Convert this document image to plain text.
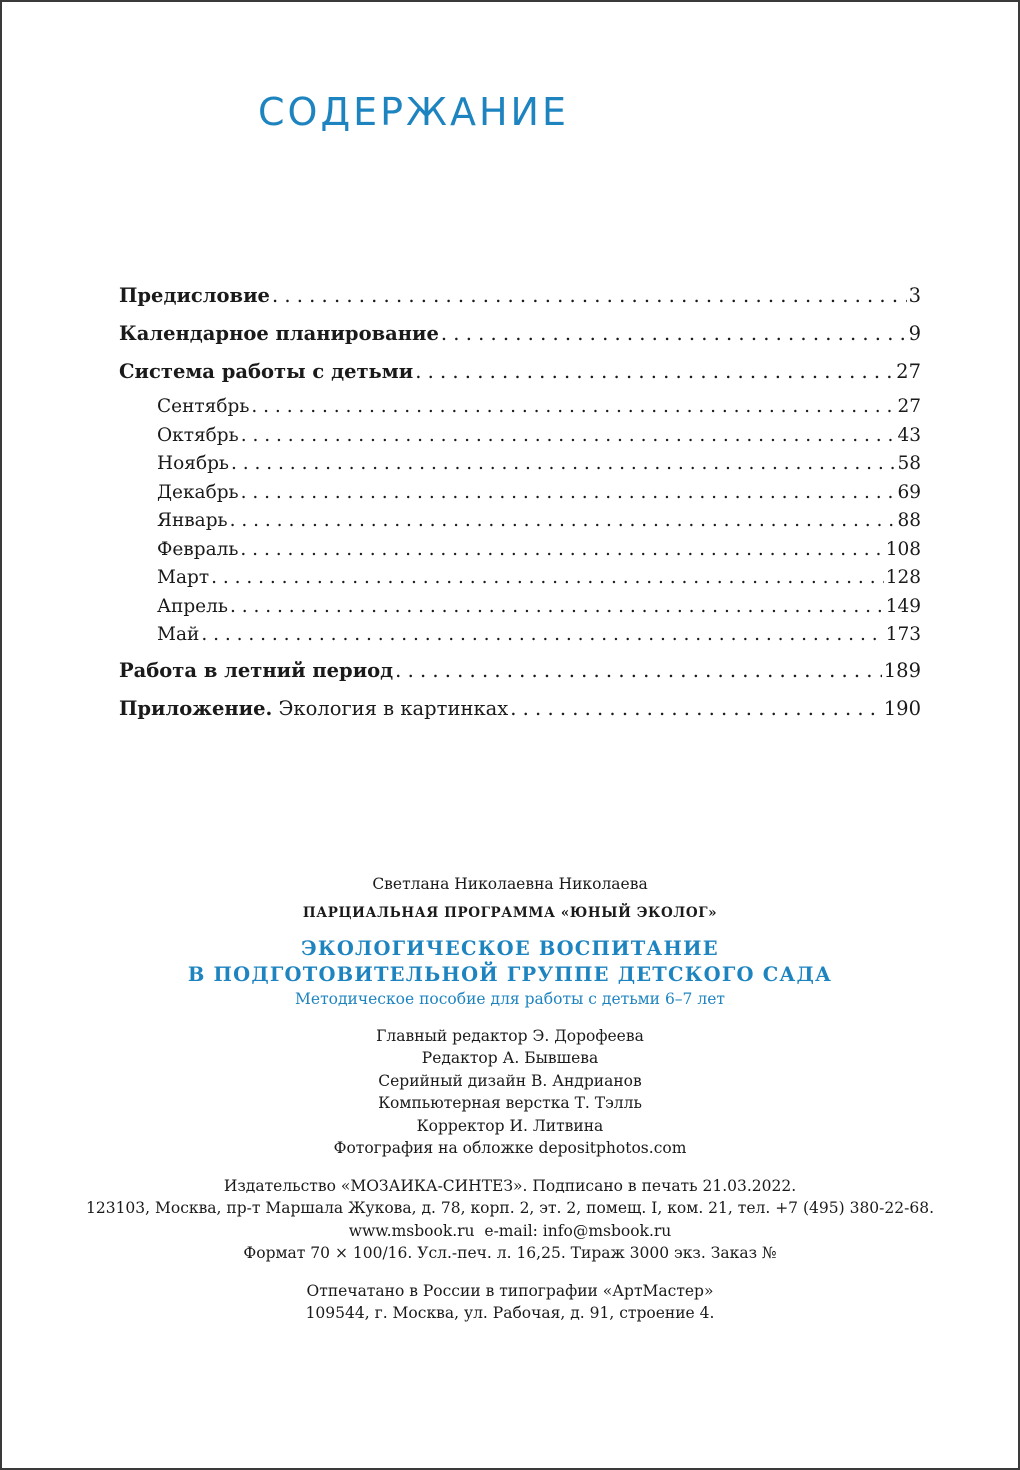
СОДЕРЖАНИЕ
Предисловие . . .	3
Календарное планирование . . .	9
Система работы с детьми . . .	27
Сентябрь . . .	27
Октябрь . . .	43
Ноябрь . . .	58
Декабрь . . .	69
Январь . . .	88
Февраль . . .	108
Март . . .	128
Апрель . . .	149
Май . . .	173
Работа в летний период . . .	189
Приложение. Экология в картинках . . .	190

Светлана Николаевна Николаева

ПАРЦИАЛЬНАЯ ПРОГРАММА «ЮНЫЙ ЭКОЛОГ»

ЭКОЛОГИЧЕСКОЕ ВОСПИТАНИЕ

В ПОДГОТОВИТЕЛЬНОЙ ГРУППЕ ДЕТСКОГО САДА

Методическое пособие для работы с детьми 6–7 лет

Главный редактор Э. Дорофеева

Редактор А. Бывшева

Серийный дизайн В. Андрианов

Компьютерная верстка Т. Тэлль

Корректор И. Литвина

Фотография на обложке depositphotos.com

Издательство «МОЗАИКА-СИНТЕЗ». Подписано в печать 21.03.2022.

123103, Москва, пр-т Маршала Жукова, д. 78, корп. 2, эт. 2, помещ. I, ком. 21, тел. +7 (495) 380-22-68.

www.msbook.ru  e-mail: info@msbook.ru

Формат 70 × 100/16. Усл.-печ. л. 16,25. Тираж 3000 экз. Заказ №

Отпечатано в России в типографии «АртМастер»

109544, г. Москва, ул. Рабочая, д. 91, строение 4.
